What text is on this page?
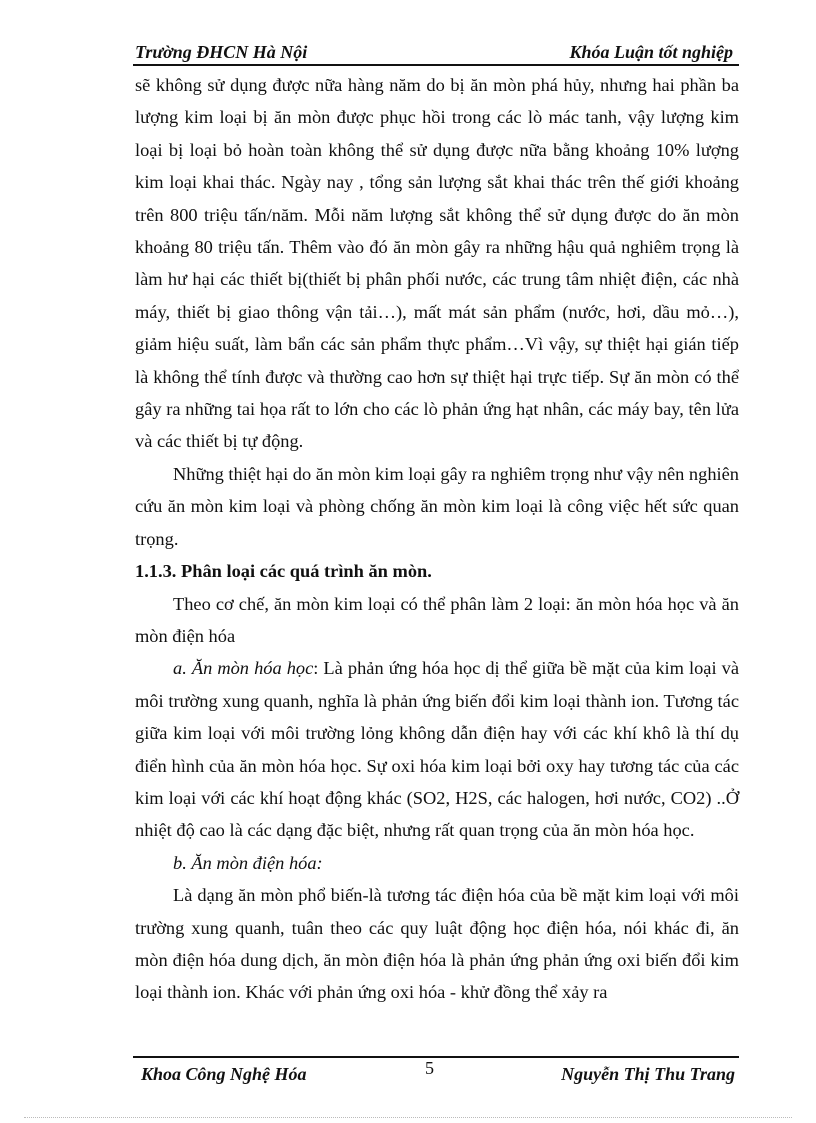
Trường ĐHCN Hà Nội	Khóa Luận tốt nghiệp

sẽ không sử dụng được nữa hàng năm do bị ăn mòn phá hủy, nhưng hai phần ba lượng kim loại bị ăn mòn được phục hồi trong các lò mác tanh, vậy lượng kim loại bị loại bỏ hoàn toàn không thể sử dụng được nữa bằng khoảng 10% lượng kim loại khai thác. Ngày nay , tổng sản lượng sắt khai thác trên thế giới khoảng trên 800 triệu tấn/năm. Mỗi năm lượng sắt không thể sử dụng được do ăn mòn khoảng 80 triệu tấn. Thêm vào đó ăn mòn gây ra những hậu quả nghiêm trọng là làm hư hại các thiết bị(thiết bị phân phối nước, các trung tâm nhiệt điện, các nhà máy, thiết bị giao thông vận tải…), mất mát sản phẩm (nước, hơi, dầu mỏ…), giảm hiệu suất, làm bẩn các sản phẩm thực phẩm…Vì vậy, sự thiệt hại gián tiếp là không thể tính được và thường cao hơn sự thiệt hại trực tiếp. Sự ăn mòn có thể gây ra những tai họa rất to lớn cho các lò phản ứng hạt nhân, các máy bay, tên lửa và các thiết bị tự động.

Những thiệt hại do ăn mòn kim loại gây ra nghiêm trọng như vậy nên nghiên cứu ăn mòn kim loại và phòng chống ăn mòn kim loại là công việc hết sức quan trọng.

1.1.3. Phân loại các quá trình ăn mòn.

Theo cơ chế, ăn mòn kim loại có thể phân làm 2 loại: ăn mòn hóa học và ăn mòn điện hóa

a. Ăn mòn hóa học: Là phản ứng hóa học dị thể giữa bề mặt của kim loại và môi trường xung quanh, nghĩa là phản ứng biến đổi kim loại thành ion. Tương tác giữa kim loại với môi trường lỏng không dẫn điện hay với các khí khô là thí dụ điển hình của ăn mòn hóa học. Sự oxi hóa kim loại bởi oxy hay tương tác của các kim loại với các khí hoạt động khác (SO2, H2S, các halogen, hơi nước, CO2) ..Ở nhiệt độ cao là các dạng đặc biệt, nhưng rất quan trọng của ăn mòn hóa học.

b. Ăn mòn điện hóa:

Là dạng ăn mòn phổ biến-là tương tác điện hóa của bề mặt kim loại với môi trường xung quanh, tuân theo các quy luật động học điện hóa, nói khác đi, ăn mòn điện hóa dung dịch, ăn mòn điện hóa là phản ứng phản ứng oxi biến đổi kim loại thành ion. Khác với phản ứng oxi hóa - khử đồng thể xảy ra

Khoa Công Nghệ Hóa	5	Nguyễn Thị Thu Trang
